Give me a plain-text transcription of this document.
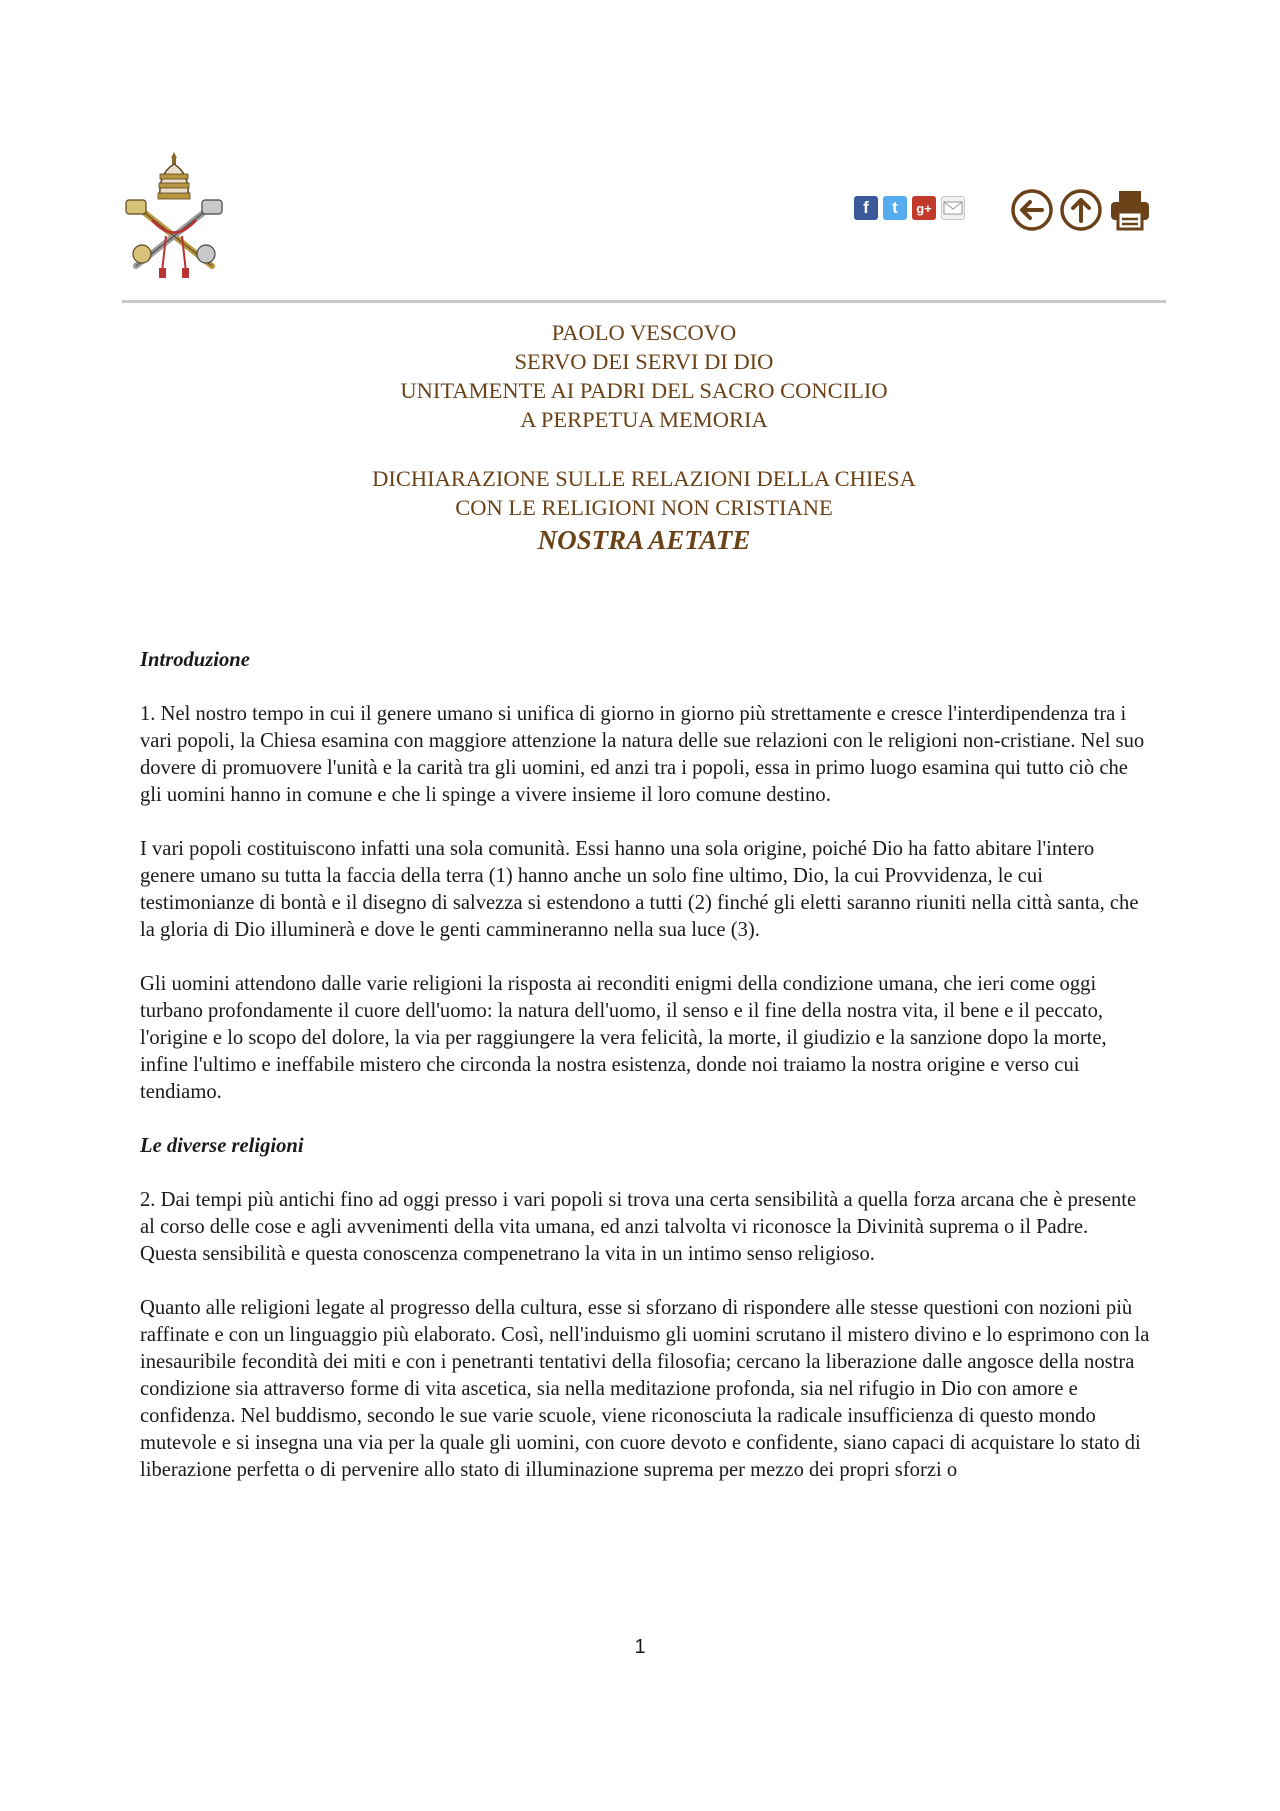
f	t	g+
PAOLO VESCOVO
SERVO DEI SERVI DI DIO
UNITAMENTE AI PADRI DEL SACRO CONCILIO
A PERPETUA MEMORIA
DICHIARAZIONE SULLE RELAZIONI DELLA CHIESA
CON LE RELIGIONI NON CRISTIANE
NOSTRA AETATE
Introduzione

1. Nel nostro tempo in cui il genere umano si unifica di giorno in giorno più strettamente e cresce l'interdipendenza tra i vari popoli, la Chiesa esamina con maggiore attenzione la natura delle sue relazioni con le religioni non-cristiane. Nel suo dovere di promuovere l'unità e la carità tra gli uomini, ed anzi tra i popoli, essa in primo luogo esamina qui tutto ciò che gli uomini hanno in comune e che li spinge a vivere insieme il loro comune destino.

I vari popoli costituiscono infatti una sola comunità. Essi hanno una sola origine, poiché Dio ha fatto abitare l'intero genere umano su tutta la faccia della terra (1) hanno anche un solo fine ultimo, Dio, la cui Provvidenza, le cui testimonianze di bontà e il disegno di salvezza si estendono a tutti (2) finché gli eletti saranno riuniti nella città santa, che la gloria di Dio illuminerà e dove le genti cammineranno nella sua luce (3).

Gli uomini attendono dalle varie religioni la risposta ai reconditi enigmi della condizione umana, che ieri come oggi turbano profondamente il cuore dell'uomo: la natura dell'uomo, il senso e il fine della nostra vita, il bene e il peccato, l'origine e lo scopo del dolore, la via per raggiungere la vera felicità, la morte, il giudizio e la sanzione dopo la morte, infine l'ultimo e ineffabile mistero che circonda la nostra esistenza, donde noi traiamo la nostra origine e verso cui tendiamo.

Le diverse religioni

2. Dai tempi più antichi fino ad oggi presso i vari popoli si trova una certa sensibilità a quella forza arcana che è presente al corso delle cose e agli avvenimenti della vita umana, ed anzi talvolta vi riconosce la Divinità suprema o il Padre. Questa sensibilità e questa conoscenza compenetrano la vita in un intimo senso religioso.

Quanto alle religioni legate al progresso della cultura, esse si sforzano di rispondere alle stesse questioni con nozioni più raffinate e con un linguaggio più elaborato. Così, nell'induismo gli uomini scrutano il mistero divino e lo esprimono con la inesauribile fecondità dei miti e con i penetranti tentativi della filosofia; cercano la liberazione dalle angosce della nostra condizione sia attraverso forme di vita ascetica, sia nella meditazione profonda, sia nel rifugio in Dio con amore e confidenza. Nel buddismo, secondo le sue varie scuole, viene riconosciuta la radicale insufficienza di questo mondo mutevole e si insegna una via per la quale gli uomini, con cuore devoto e confidente, siano capaci di acquistare lo stato di liberazione perfetta o di pervenire allo stato di illuminazione suprema per mezzo dei propri sforzi o

1
